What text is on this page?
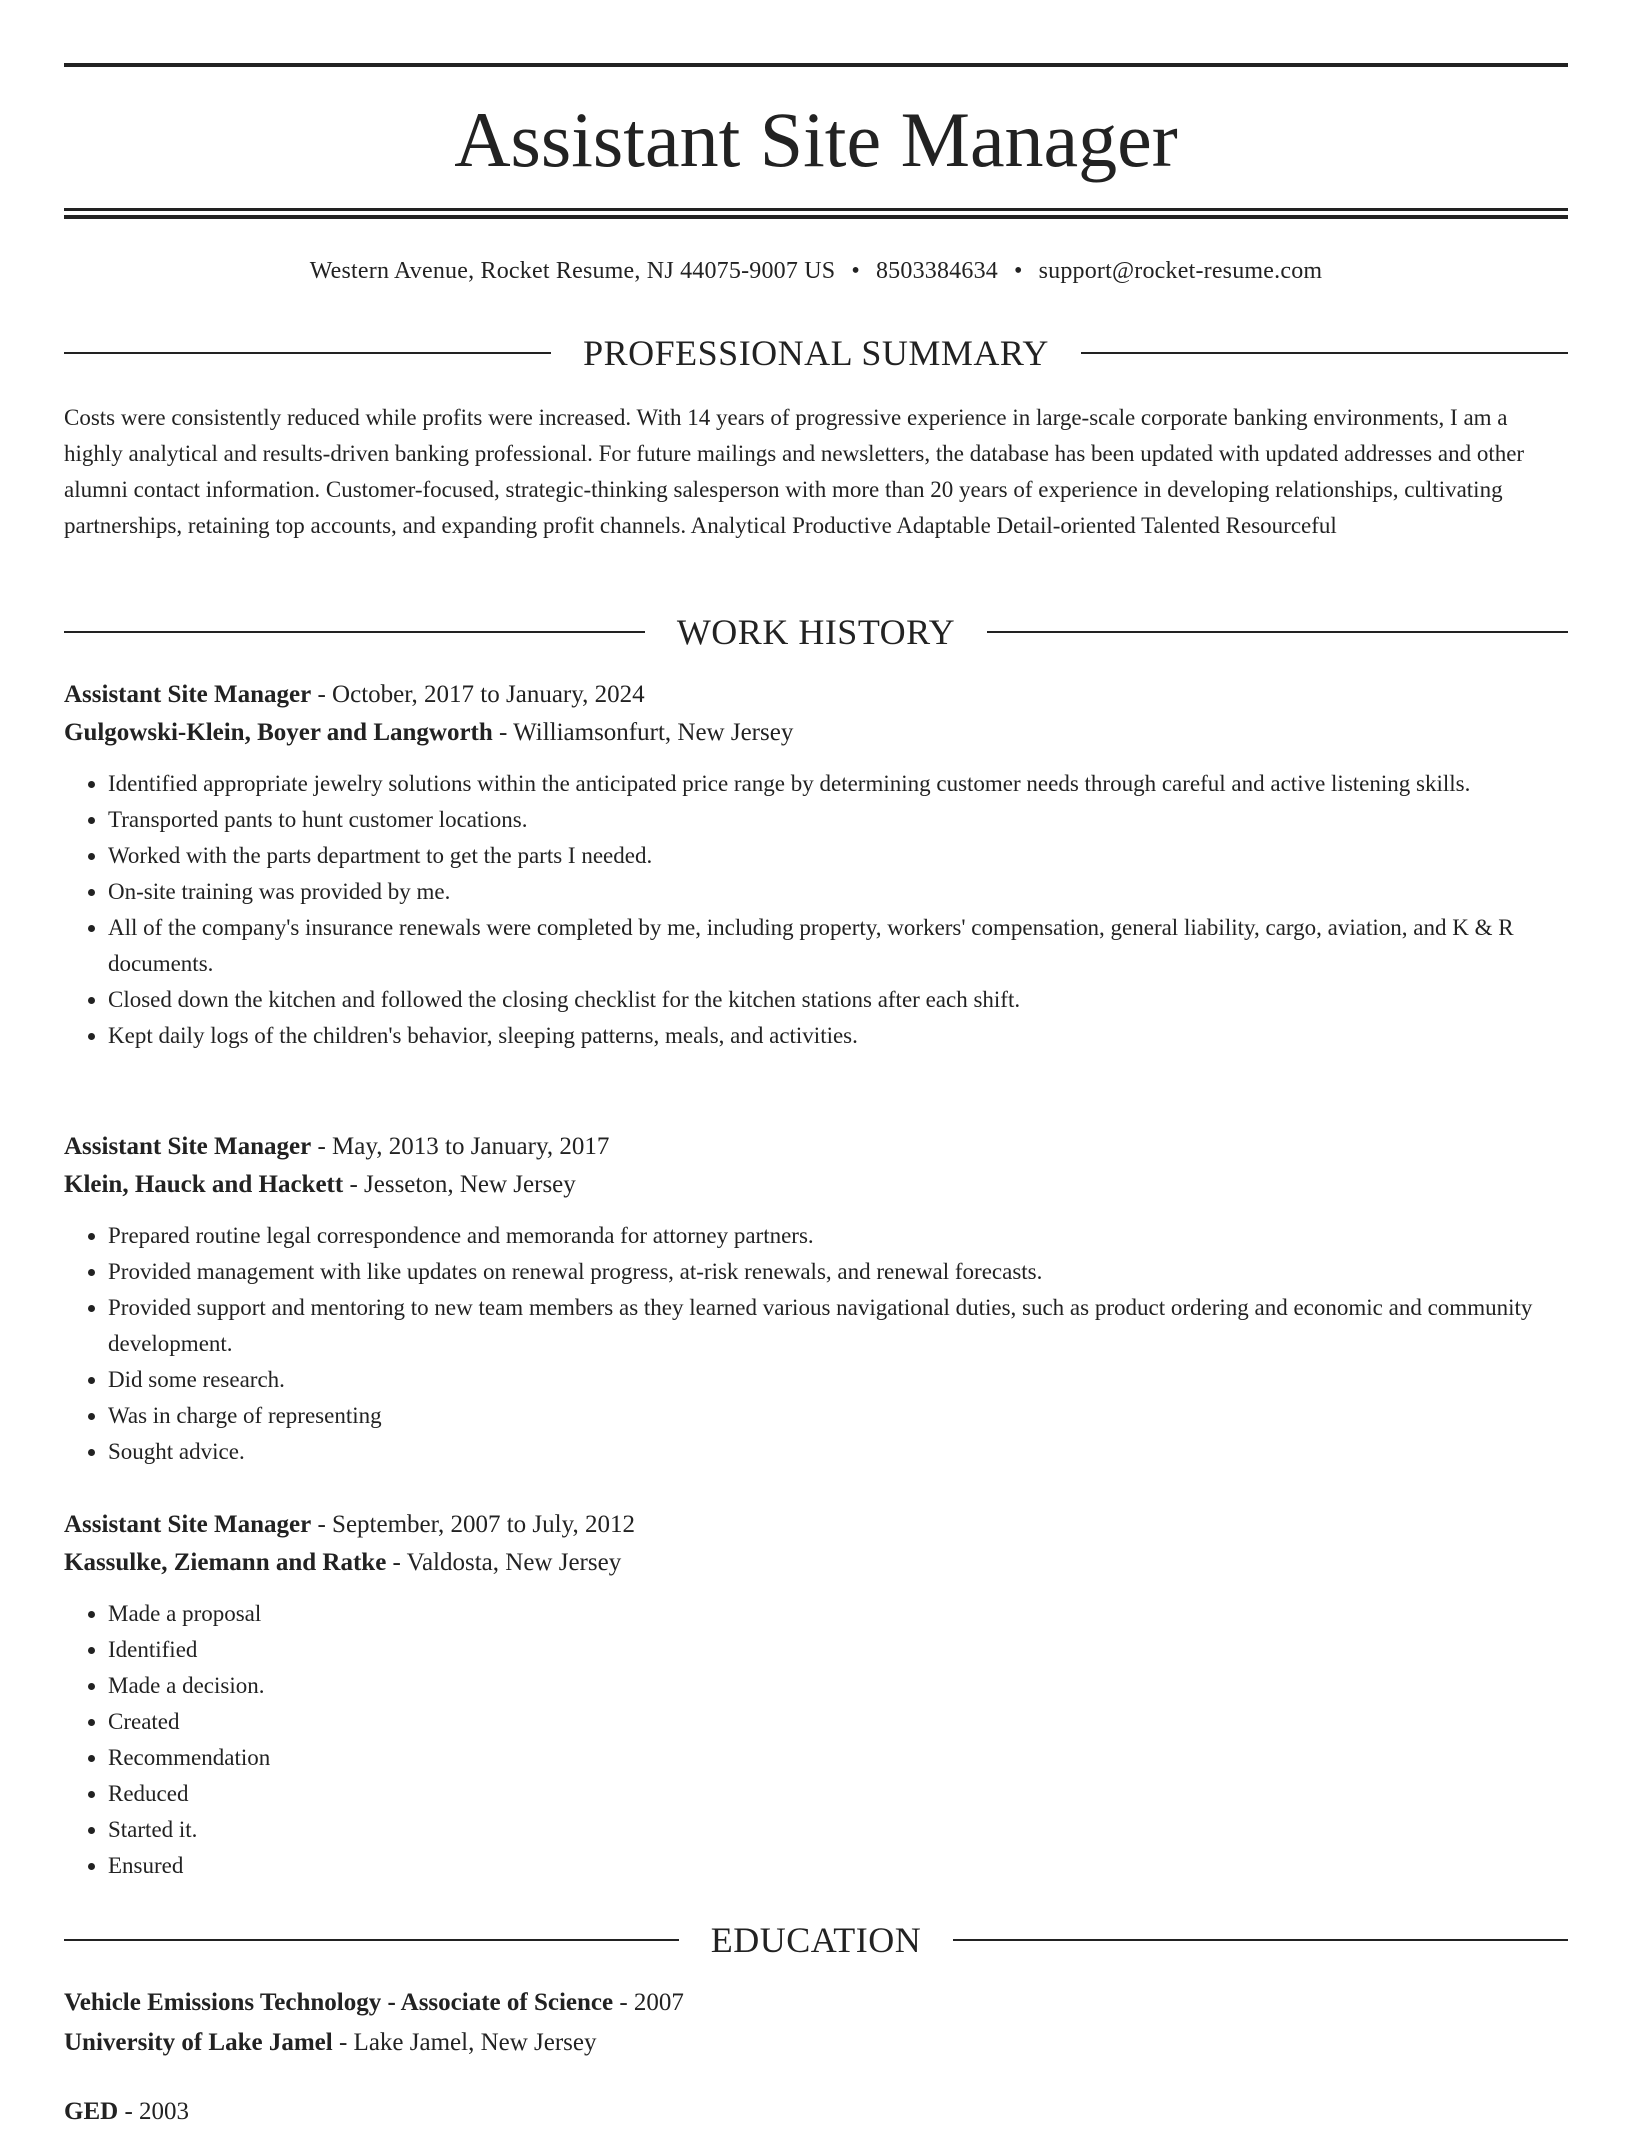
Assistant Site Manager
Western Avenue, Rocket Resume, NJ 44075-9007 US • 8503384634 • support@rocket-resume.com
PROFESSIONAL SUMMARY
Costs were consistently reduced while profits were increased. With 14 years of progressive experience in large-scale corporate banking environments, I am a highly analytical and results-driven banking professional. For future mailings and newsletters, the database has been updated with updated addresses and other alumni contact information. Customer-focused, strategic-thinking salesperson with more than 20 years of experience in developing relationships, cultivating partnerships, retaining top accounts, and expanding profit channels. Analytical Productive Adaptable Detail-oriented Talented Resourceful
WORK HISTORY
Assistant Site Manager - October, 2017 to January, 2024
Gulgowski-Klein, Boyer and Langworth - Williamsonfurt, New Jersey
• Identified appropriate jewelry solutions within the anticipated price range by determining customer needs through careful and active listening skills.
• Transported pants to hunt customer locations.
• Worked with the parts department to get the parts I needed.
• On-site training was provided by me.
• All of the company's insurance renewals were completed by me, including property, workers' compensation, general liability, cargo, aviation, and K & R documents.
• Closed down the kitchen and followed the closing checklist for the kitchen stations after each shift.
• Kept daily logs of the children's behavior, sleeping patterns, meals, and activities.
Assistant Site Manager - May, 2013 to January, 2017
Klein, Hauck and Hackett - Jesseton, New Jersey
• Prepared routine legal correspondence and memoranda for attorney partners.
• Provided management with like updates on renewal progress, at-risk renewals, and renewal forecasts.
• Provided support and mentoring to new team members as they learned various navigational duties, such as product ordering and economic and community development.
• Did some research.
• Was in charge of representing
• Sought advice.
Assistant Site Manager - September, 2007 to July, 2012
Kassulke, Ziemann and Ratke - Valdosta, New Jersey
• Made a proposal
• Identified
• Made a decision.
• Created
• Recommendation
• Reduced
• Started it.
• Ensured
EDUCATION
Vehicle Emissions Technology - Associate of Science - 2007
University of Lake Jamel - Lake Jamel, New Jersey
GED - 2003
